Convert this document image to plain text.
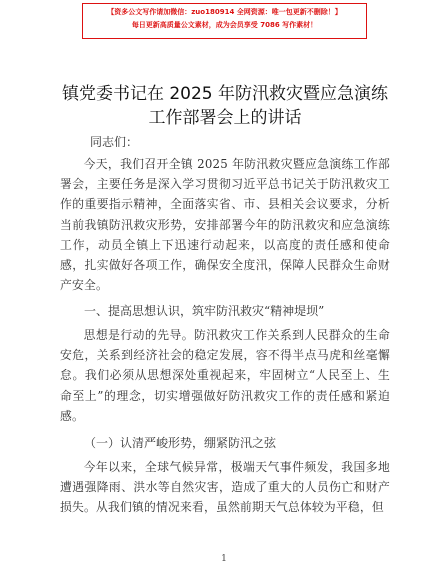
【资多公文写作请加微信：zuo180914 全网资源：唯一包更新不删除！】
每日更新高质量公文素材，成为会员享受 7086 写作素材！
镇党委书记在 2025 年防汛救灾暨应急演练工作部署会上的讲话
同志们：
今天，我们召开全镇 2025 年防汛救灾暨应急演练工作部署会，主要任务是深入学习贯彻习近平总书记关于防汛救灾工作的重要指示精神，全面落实省、市、县相关会议要求，分析当前我镇防汛救灾形势，安排部署今年的防汛救灾和应急演练工作，动员全镇上下迅速行动起来，以高度的责任感和使命感，扎实做好各项工作，确保安全度汛，保障人民群众生命财产安全。
一、提高思想认识，筑牢防汛救灾“精神堤坝”
思想是行动的先导。防汛救灾工作关系到人民群众的生命安危，关系到经济社会的稳定发展，容不得半点马虎和丝毫懈怠。我们必须从思想深处重视起来，牢固树立“人民至上、生命至上”的理念，切实增强做好防汛救灾工作的责任感和紧迫感。
（一）认清严峻形势，绷紧防汛之弦
今年以来，全球气候异常，极端天气事件频发，我国多地遭遇强降雨、洪水等自然灾害，造成了重大的人员伤亡和财产损失。从我们镇的情况来看，虽然前期天气总体较为平稳，但
1
